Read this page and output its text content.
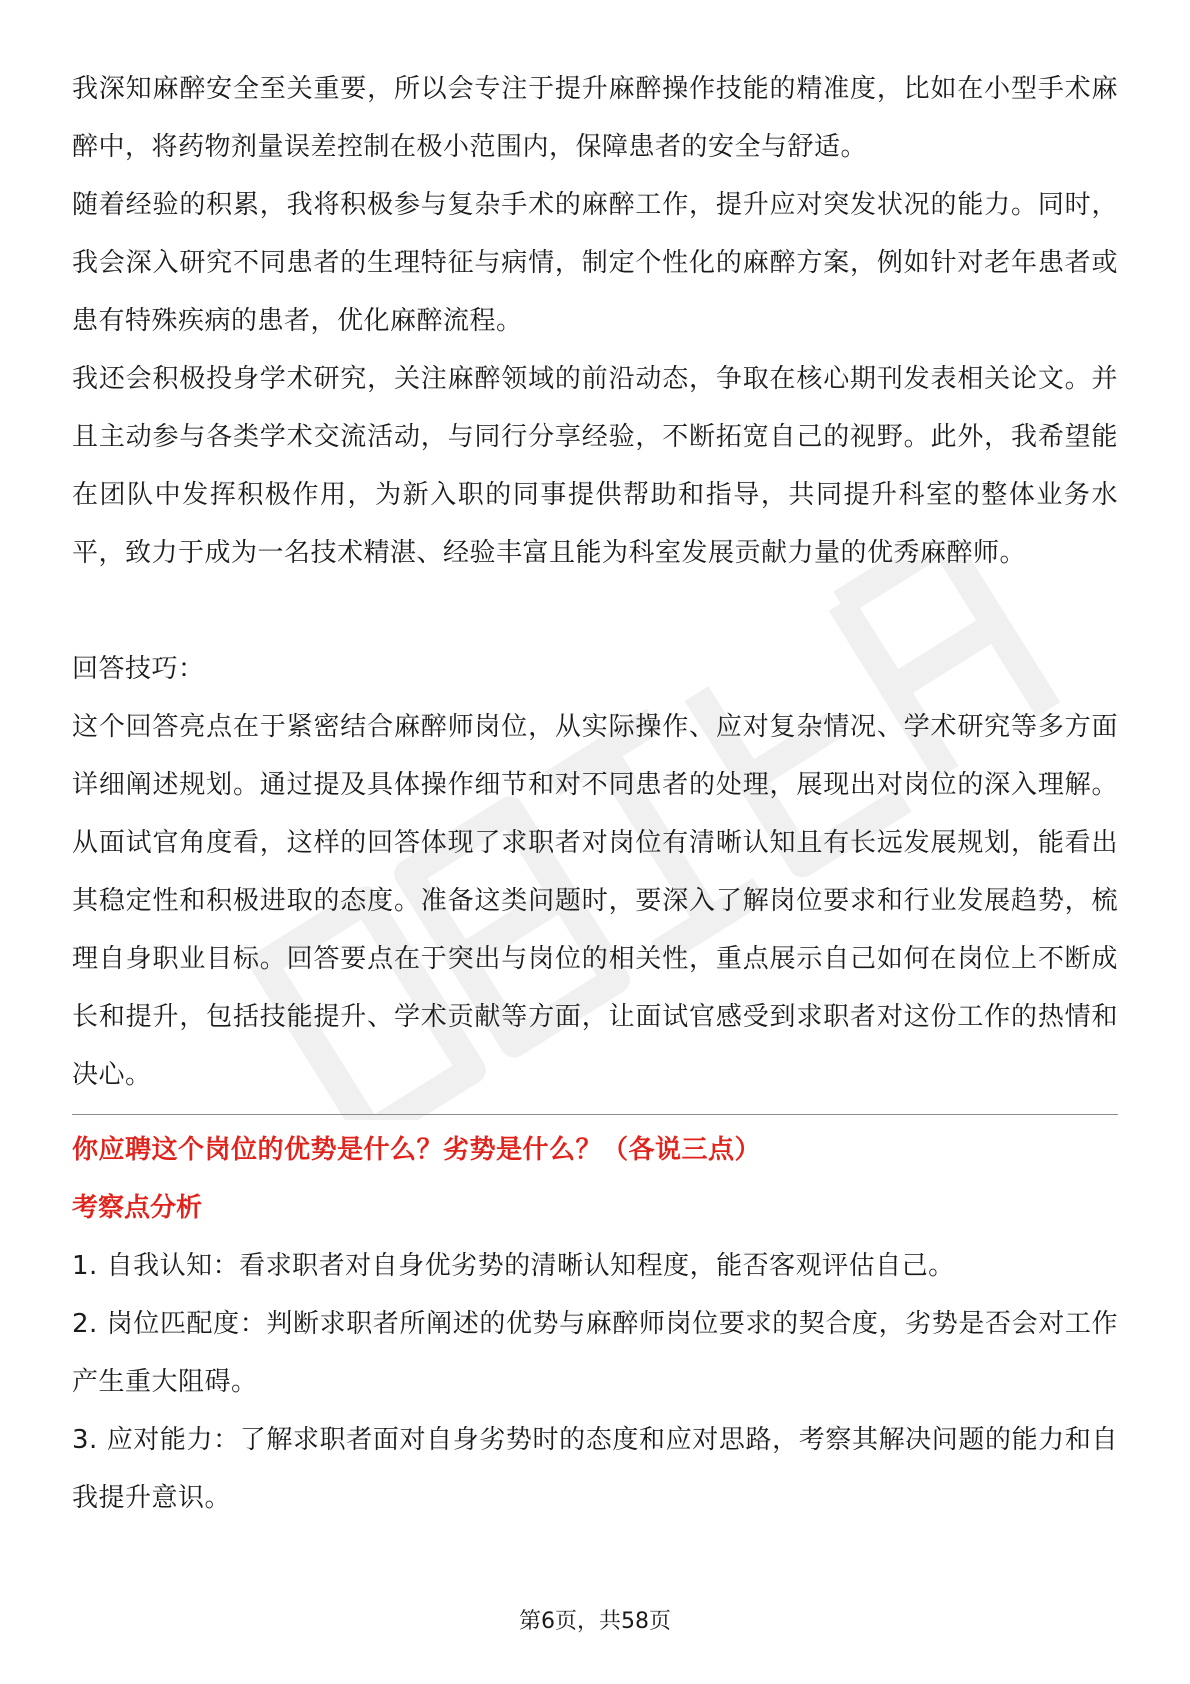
我深知麻醉安全至关重要，所以会专注于提升麻醉操作技能的精准度，比如在小型手术麻醉中，将药物剂量误差控制在极小范围内，保障患者的安全与舒适。

随着经验的积累，我将积极参与复杂手术的麻醉工作，提升应对突发状况的能力。同时，我会深入研究不同患者的生理特征与病情，制定个性化的麻醉方案，例如针对老年患者或患有特殊疾病的患者，优化麻醉流程。

我还会积极投身学术研究，关注麻醉领域的前沿动态，争取在核心期刊发表相关论文。并且主动参与各类学术交流活动，与同行分享经验，不断拓宽自己的视野。此外，我希望能在团队中发挥积极作用，为新入职的同事提供帮助和指导，共同提升科室的整体业务水平，致力于成为一名技术精湛、经验丰富且能为科室发展贡献力量的优秀麻醉师。

回答技巧：

这个回答亮点在于紧密结合麻醉师岗位，从实际操作、应对复杂情况、学术研究等多方面详细阐述规划。通过提及具体操作细节和对不同患者的处理，展现出对岗位的深入理解。从面试官角度看，这样的回答体现了求职者对岗位有清晰认知且有长远发展规划，能看出其稳定性和积极进取的态度。准备这类问题时，要深入了解岗位要求和行业发展趋势，梳理自身职业目标。回答要点在于突出与岗位的相关性，重点展示自己如何在岗位上不断成长和提升，包括技能提升、学术贡献等方面，让面试官感受到求职者对这份工作的热情和决心。

你应聘这个岗位的优势是什么？劣势是什么？（各说三点）

考察点分析

1. 自我认知：看求职者对自身优劣势的清晰认知程度，能否客观评估自己。

2. 岗位匹配度：判断求职者所阐述的优势与麻醉师岗位要求的契合度，劣势是否会对工作产生重大阻碍。

3. 应对能力：了解求职者面对自身劣势时的态度和应对思路，考察其解决问题的能力和自我提升意识。

第6页，共58页
